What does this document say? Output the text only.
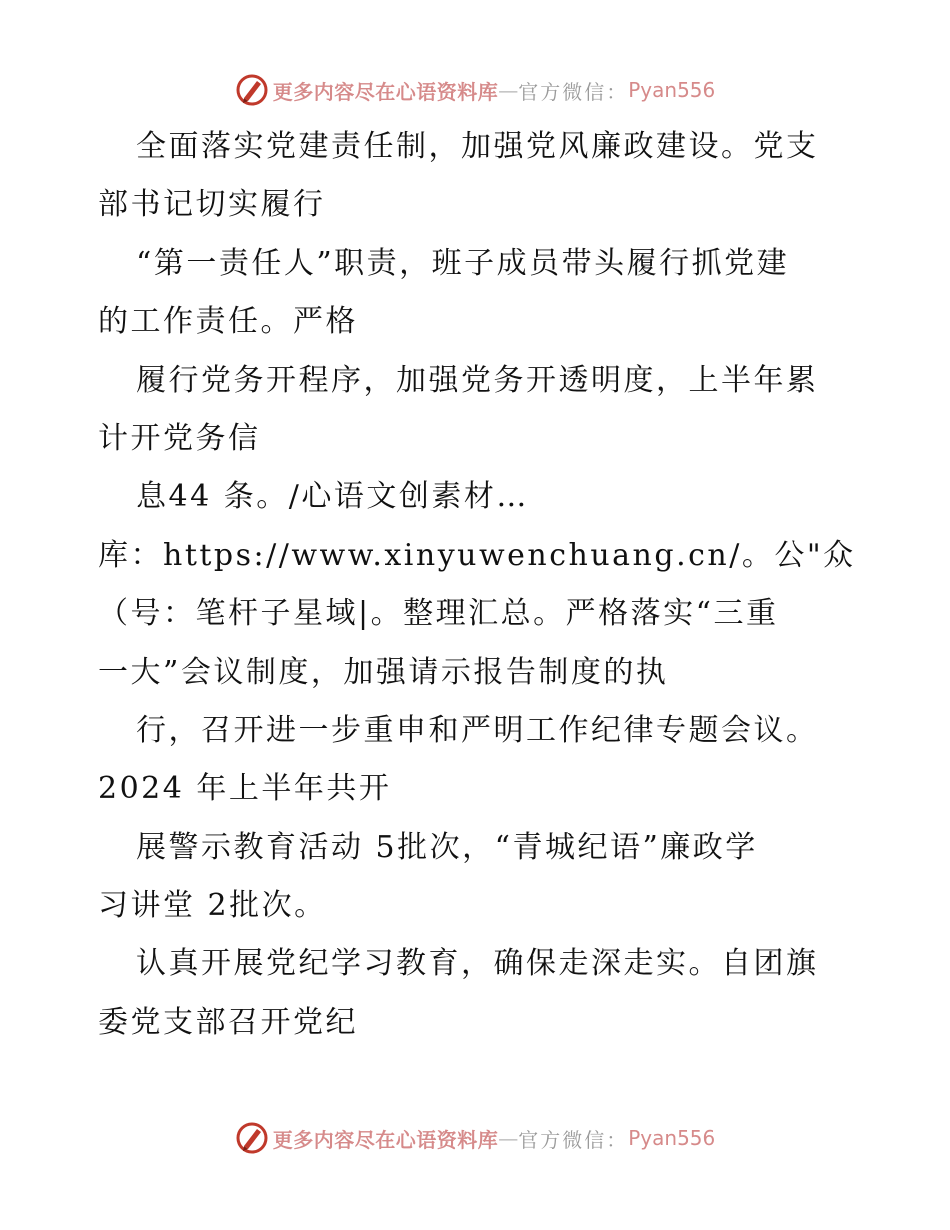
更多内容尽在心语资料库 — 官方微信： Pyan556
全面落实党建责任制，加强党风廉政建设。党支
部书记切实履行
“第一责任人”职责，班子成员带头履行抓党建
的工作责任。严格
履行党务开程序，加强党务开透明度，上半年累
计开党务信
息44 条。/心语文创素材…
库：https://www.xinyuwenchuang.cn/。公"众
（号：笔杆子星域|。整理汇总。严格落实“三重
一大”会议制度，加强请示报告制度的执
行，召开进一步重申和严明工作纪律专题会议。
2024 年上半年共开
展警示教育活动 5批次，“青城纪语”廉政学
习讲堂 2批次。
认真开展党纪学习教育，确保走深走实。自团旗
委党支部召开党纪
更多内容尽在心语资料库 — 官方微信： Pyan556
